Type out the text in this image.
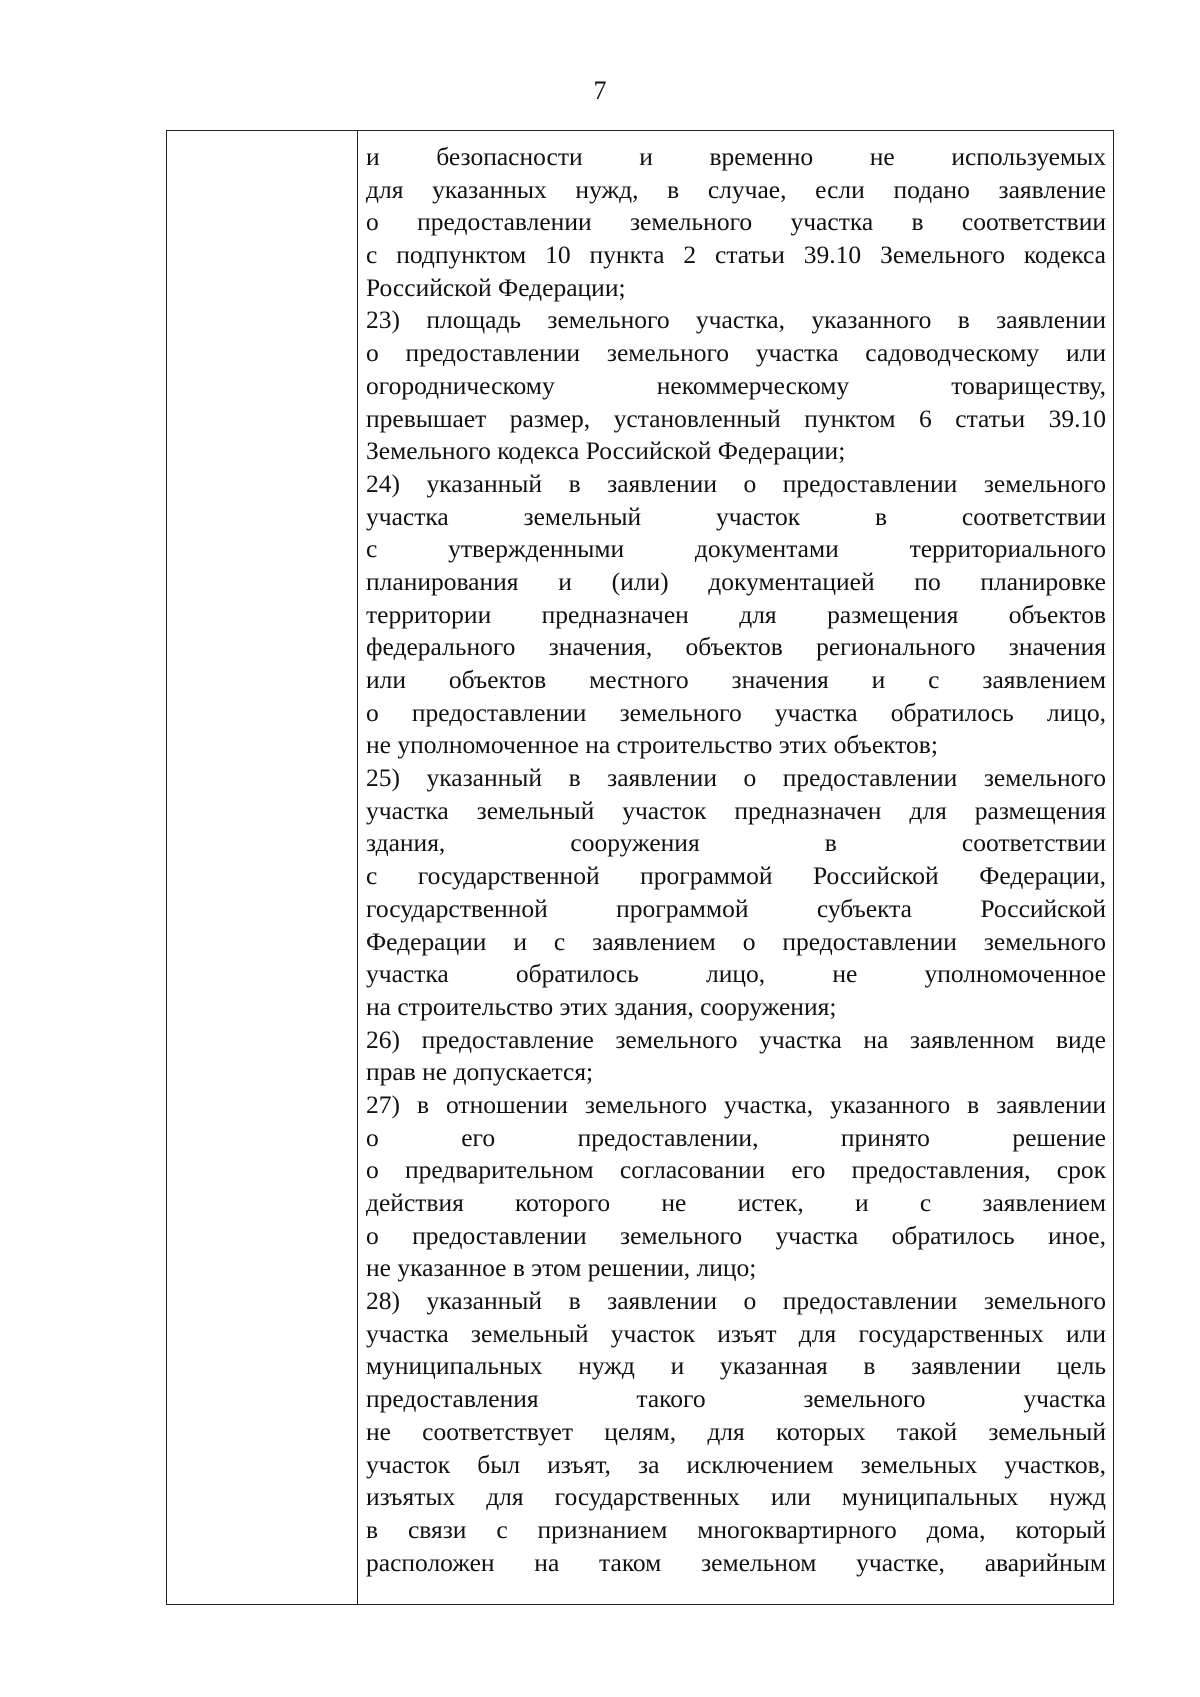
7
и безопасности и временно не используемых
для указанных нужд, в случае, если подано заявление
о предоставлении земельного участка в соответствии
с подпунктом 10 пункта 2 статьи 39.10 Земельного кодекса
Российской Федерации;
23) площадь земельного участка, указанного в заявлении
о предоставлении земельного участка садоводческому или
огородническому некоммерческому товариществу,
превышает размер, установленный пунктом 6 статьи 39.10
Земельного кодекса Российской Федерации;
24) указанный в заявлении о предоставлении земельного
участка земельный участок в соответствии
с утвержденными документами территориального
планирования и (или) документацией по планировке
территории предназначен для размещения объектов
федерального значения, объектов регионального значения
или объектов местного значения и с заявлением
о предоставлении земельного участка обратилось лицо,
не уполномоченное на строительство этих объектов;
25) указанный в заявлении о предоставлении земельного
участка земельный участок предназначен для размещения
здания, сооружения в соответствии
с государственной программой Российской Федерации,
государственной программой субъекта Российской
Федерации и с заявлением о предоставлении земельного
участка обратилось лицо, не уполномоченное
на строительство этих здания, сооружения;
26) предоставление земельного участка на заявленном виде
прав не допускается;
27) в отношении земельного участка, указанного в заявлении
о его предоставлении, принято решение
о предварительном согласовании его предоставления, срок
действия которого не истек, и с заявлением
о предоставлении земельного участка обратилось иное,
не указанное в этом решении, лицо;
28) указанный в заявлении о предоставлении земельного
участка земельный участок изъят для государственных или
муниципальных нужд и указанная в заявлении цель
предоставления такого земельного участка
не соответствует целям, для которых такой земельный
участок был изъят, за исключением земельных участков,
изъятых для государственных или муниципальных нужд
в связи с признанием многоквартирного дома, который
расположен на таком земельном участке, аварийным
